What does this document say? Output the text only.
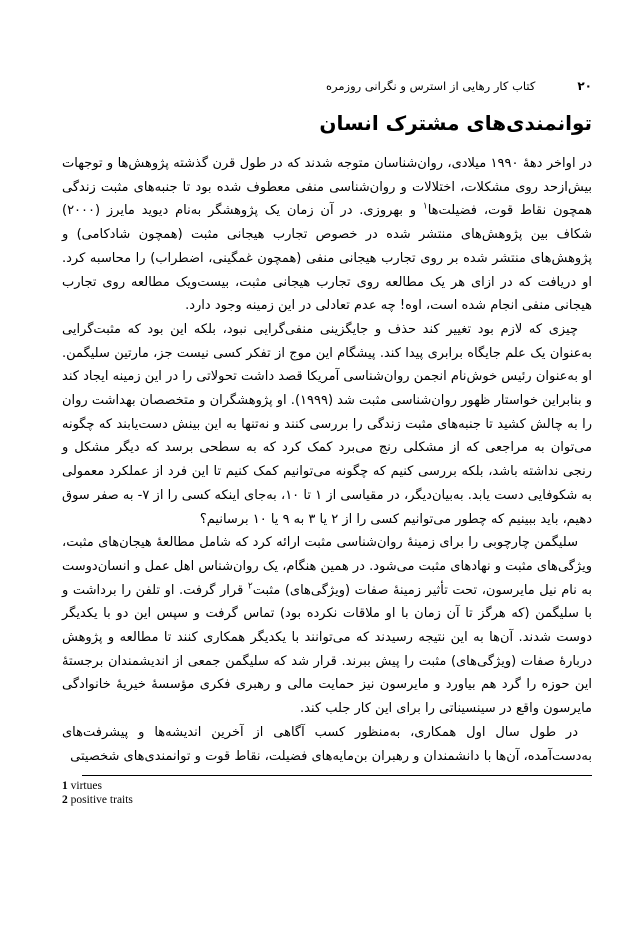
۲۰
کتاب کار رهایی از استرس و نگرانی روزمره
توانمندی‌های مشترک انسان

در اواخر دهۀ ۱۹۹۰ میلادی، روان‌شناسان متوجه شدند که در طول قرن گذشته پژوهش‌ها و توجهات بیش‌ازحد روی مشکلات، اختلالات و روان‌شناسی منفی معطوف شده بود تا جنبه‌های مثبت زندگی همچون نقاط قوت، فضیلت‌ها$^۱$ و بهروزی. در آن زمان یک پژوهشگر به‌نام دیوید مایرز (۲۰۰۰) شکاف بین پژوهش‌های منتشر شده در خصوص تجارب هیجانی مثبت (همچون شادکامی) و پژوهش‌های منتشر شده بر روی تجارب هیجانی منفی (همچون غمگینی، اضطراب) را محاسبه کرد. او دریافت که در ازای هر یک مطالعه روی تجارب هیجانی مثبت، بیست‌ویک مطالعه روی تجارب هیجانی منفی انجام شده است، اوه! چه عدم تعادلی در این زمینه وجود دارد.

چیزی که لازم بود تغییر کند حذف و جایگزینی منفی‌گرایی نبود، بلکه این بود که مثبت‌گرایی به‌عنوان یک علم جایگاه برابری پیدا کند. پیشگام این موج از تفکر کسی نیست جز، مارتین سلیگمن. او به‌عنوان رئیس خوش‌نام انجمن روان‌شناسی آمریکا قصد داشت تحولاتی را در این زمینه ایجاد کند و بنابراین خواستار ظهور روان‌شناسی مثبت شد (۱۹۹۹). او پژوهشگران و متخصصان بهداشت روان را به چالش کشید تا جنبه‌های مثبت زندگی را بررسی کنند و نه‌تنها به این بینش دست‌یابند که چگونه می‌توان به مراجعی که از مشکلی رنج می‌برد کمک کرد که به سطحی برسد که دیگر مشکل و رنجی نداشته باشد، بلکه بررسی کنیم که چگونه می‌توانیم کمک کنیم تا این فرد از عملکرد معمولی به شکوفایی دست یابد. به‌بیان‌دیگر، در مقیاسی از ۱ تا ۱۰، به‌جای اینکه کسی را از ۷- به صفر سوق دهیم، باید ببینیم که چطور می‌توانیم کسی را از ۲ یا ۳ به ۹ یا ۱۰ برسانیم؟

سلیگمن چارچوبی را برای زمینهٔ روان‌شناسی مثبت ارائه کرد که شامل مطالعهٔ هیجان‌های مثبت، ویژگی‌های مثبت و نهادهای مثبت می‌شود. در همین هنگام، یک روان‌شناس اهل عمل و انسان‌دوست به نام نیل مایرسون، تحت تأثیر زمینهٔ صفات (ویژگی‌های) مثبت$^۲$ قرار گرفت. او تلفن را برداشت و با سلیگمن (که هرگز تا آن زمان با او ملاقات نکرده بود) تماس گرفت و سپس این دو با یکدیگر دوست شدند. آن‌ها به این نتیجه رسیدند که می‌توانند با یکدیگر همکاری کنند تا مطالعه و پژوهش دربارهٔ صفات (ویژگی‌های) مثبت را پیش ببرند. قرار شد که سلیگمن جمعی از اندیشمندان برجستهٔ این حوزه را گرد هم بیاورد و مایرسون نیز حمایت مالی و رهبری فکری مؤسسهٔ خیریهٔ خانوادگی مایرسون واقع در سینسیناتی را برای این کار جلب کند.

در طول سال اول همکاری، به‌منظور کسب آگاهی از آخرین اندیشه‌ها و پیشرفت‌های به‌دست‌آمده، آن‌ها با دانشمندان و رهبران بن‌مایه‌های فضیلت، نقاط قوت و توانمندی‌های شخصیتی

1 virtues
2 positive traits
